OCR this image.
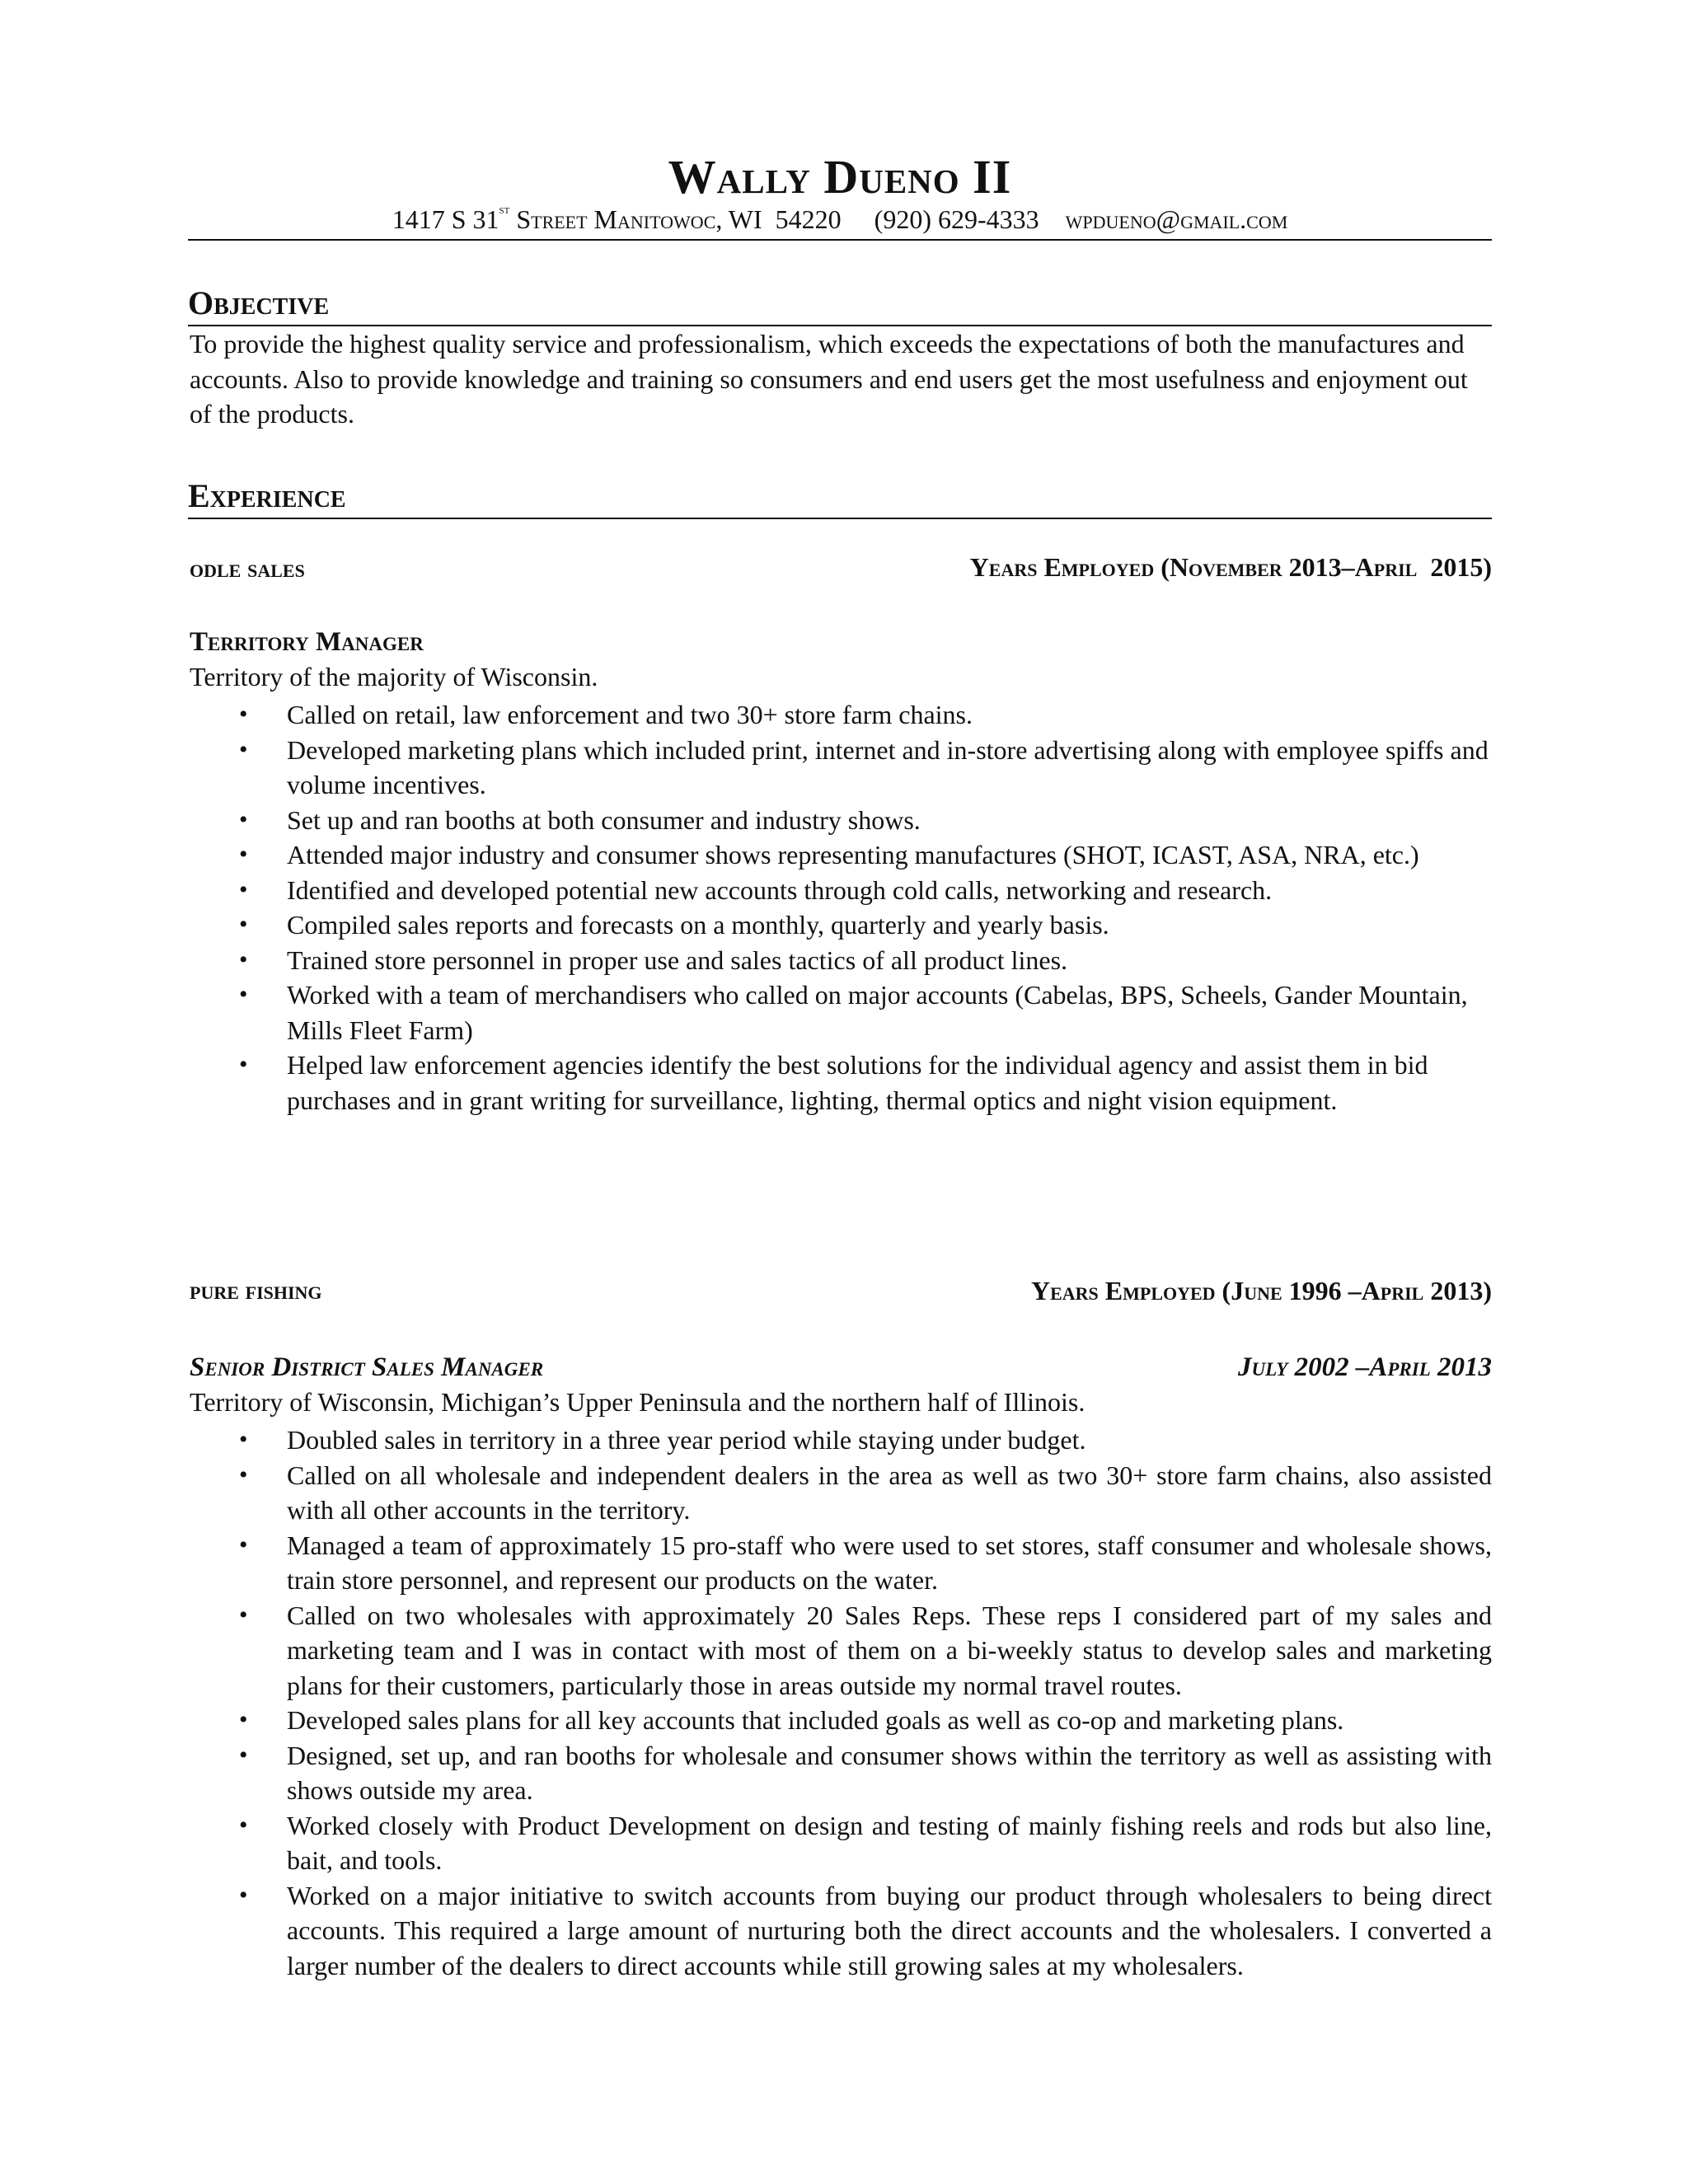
Wally Dueno II
1417 S 31st Street Manitowoc, WI  54220 (920) 629-4333 wpdueno@gmail.com
Objective
To provide the highest quality service and professionalism, which exceeds the expectations of both the manufactures and accounts. Also to provide knowledge and training so consumers and end users get the most usefulness and enjoyment out of the products.
Experience
odle sales	Years Employed (November 2013–April  2015)
Territory Manager
Territory of the majority of Wisconsin.
• Called on retail, law enforcement and two 30+ store farm chains.
• Developed marketing plans which included print, internet and in-store advertising along with employee spiffs and volume incentives.
• Set up and ran booths at both consumer and industry shows.
• Attended major industry and consumer shows representing manufactures (SHOT, ICAST, ASA, NRA, etc.)
• Identified and developed potential new accounts through cold calls, networking and research.
• Compiled sales reports and forecasts on a monthly, quarterly and yearly basis.
• Trained store personnel in proper use and sales tactics of all product lines.
• Worked with a team of merchandisers who called on major accounts (Cabelas, BPS, Scheels, Gander Mountain, Mills Fleet Farm)
• Helped law enforcement agencies identify the best solutions for the individual agency and assist them in bid purchases and in grant writing for surveillance, lighting, thermal optics and night vision equipment.
pure fishing	Years Employed (June 1996 –April 2013)
Senior District Sales Manager	July 2002 –April 2013
Territory of Wisconsin, Michigan’s Upper Peninsula and the northern half of Illinois.
• Doubled sales in territory in a three year period while staying under budget.
• Called on all wholesale and independent dealers in the area as well as two 30+ store farm chains, also assisted with all other accounts in the territory.
• Managed a team of approximately 15 pro-staff who were used to set stores, staff consumer and wholesale shows, train store personnel, and represent our products on the water.
• Called on two wholesales with approximately 20 Sales Reps. These reps I considered part of my sales and marketing team and I was in contact with most of them on a bi-weekly status to develop sales and marketing plans for their customers, particularly those in areas outside my normal travel routes.
• Developed sales plans for all key accounts that included goals as well as co-op and marketing plans.
• Designed, set up, and ran booths for wholesale and consumer shows within the territory as well as assisting with shows outside my area.
• Worked closely with Product Development on design and testing of mainly fishing reels and rods but also line, bait, and tools.
• Worked on a major initiative to switch accounts from buying our product through wholesalers to being direct accounts. This required a large amount of nurturing both the direct accounts and the wholesalers. I converted a larger number of the dealers to direct accounts while still growing sales at my wholesalers.
